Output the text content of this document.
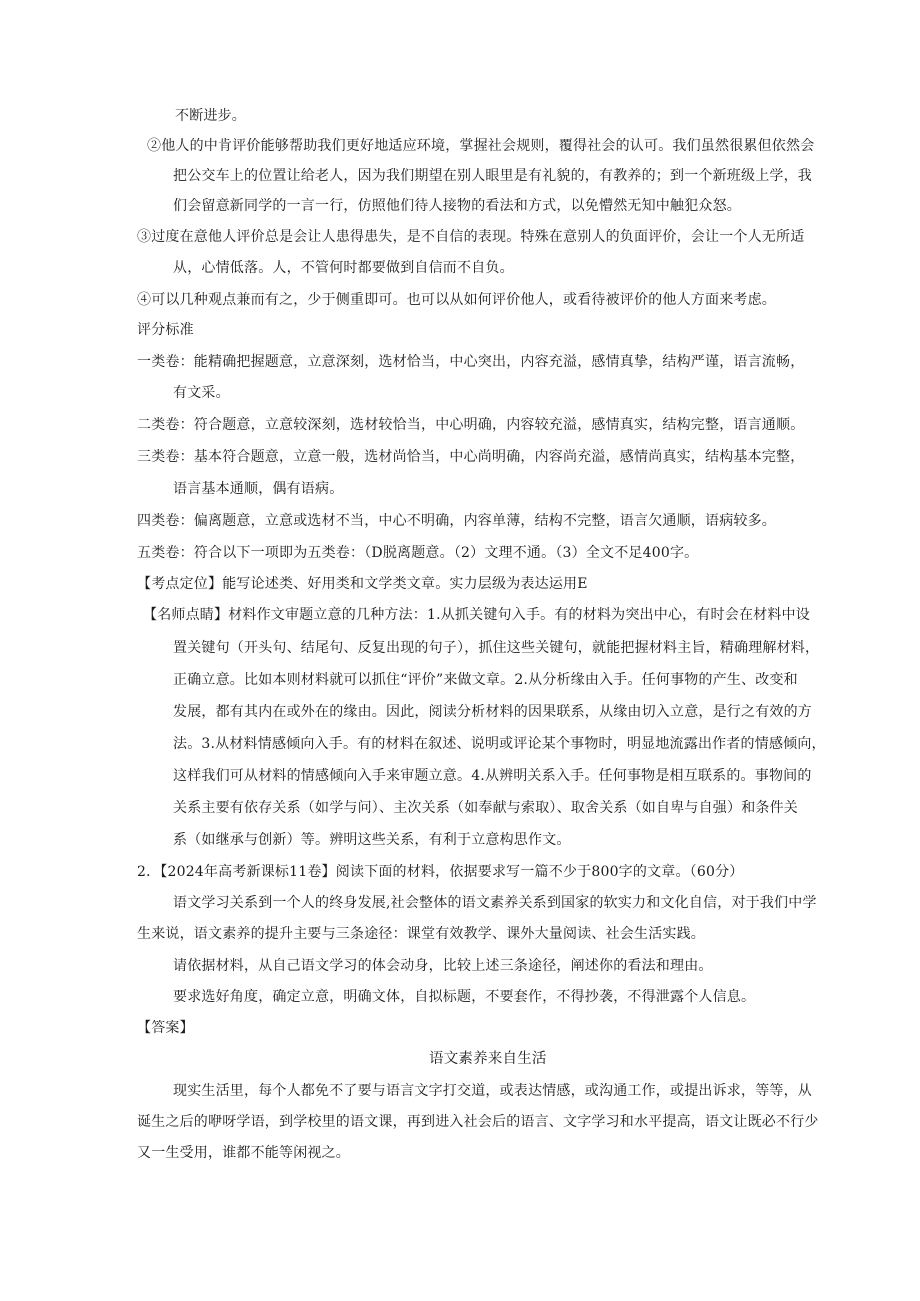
不断进步。
②他人的中肯评价能够帮助我们更好地适应环境，掌握社会规则，覆得社会的认可。我们虽然很累但依然会
把公交车上的位置让给老人，因为我们期望在别人眼里是有礼貌的，有教养的；到一个新班级上学，我
们会留意新同学的一言一行，仿照他们待人接物的看法和方式，以免懵然无知中触犯众怒。
③过度在意他人评价总是会让人患得患失，是不自信的表现。特殊在意别人的负面评价，会让一个人无所适
从，心情低落。人，不管何时都要做到自信而不自负。
④可以几种观点兼而有之，少于侧重即可。也可以从如何评价他人，或看待被评价的他人方面来考虑。
评分标准
一类卷：能精确把握题意，立意深刻，选材恰当，中心突出，内容充溢，感情真挚，结构严谨，语言流畅，
有文采。
二类卷：符合题意，立意较深刻，选材较恰当，中心明确，内容较充溢，感情真实，结构完整，语言通顺。
三类卷：基本符合题意，立意一般，选材尚恰当，中心尚明确，内容尚充溢，感情尚真实，结构基本完整，
语言基本通顺，偶有语病。
四类卷：偏离题意，立意或选材不当，中心不明确，内容单薄，结构不完整，语言欠通顺，语病较多。
五类卷：符合以下一项即为五类卷：（D脱离题意。（2）文理不通。（3）全文不足400字。
【考点定位】能写论述类、好用类和文学类文章。实力层级为表达运用E
【名师点睛】材料作文审题立意的几种方法：1.从抓关键句入手。有的材料为突出中心，有时会在材料中设
置关键句（开头句、结尾句、反复出现的句子），抓住这些关键句，就能把握材料主旨，精确理解材料，
正确立意。比如本则材料就可以抓住“评价”来做文章。2.从分析缘由入手。任何事物的产生、改变和
发展，都有其内在或外在的缘由。因此，阅读分析材料的因果联系，从缘由切入立意，是行之有效的方
法。3.从材料情感倾向入手。有的材料在叙述、说明或评论某个事物时，明显地流露出作者的情感倾向，
这样我们可从材料的情感倾向入手来审题立意。4.从辨明关系入手。任何事物是相互联系的。事物间的
关系主要有依存关系（如学与问）、主次关系（如奉献与索取）、取舍关系（如自卑与自强）和条件关
系（如继承与创新）等。辨明这些关系，有利于立意构思作文。
2．【2024年高考新课标11卷】阅读下面的材料，依据要求写一篇不少于800字的文章。（60分）
语文学习关系到一个人的终身发展,社会整体的语文素养关系到国家的软实力和文化自信，对于我们中学
生来说，语文素养的提升主要与三条途径：课堂有效教学、课外大量阅读、社会生活实践。
请依据材料，从自己语文学习的体会动身，比较上述三条途径，阐述你的看法和理由。
要求选好角度，确定立意，明确文体，自拟标题，不要套作，不得抄袭，不得泄露个人信息。
【答案】
语文素养来自生活
现实生活里，每个人都免不了要与语言文字打交道，或表达情感，或沟通工作，或提出诉求，等等，从
诞生之后的咿呀学语，到学校里的语文课，再到进入社会后的语言、文字学习和水平提高，语文让既必不行少
又一生受用，谁都不能等闲视之。
